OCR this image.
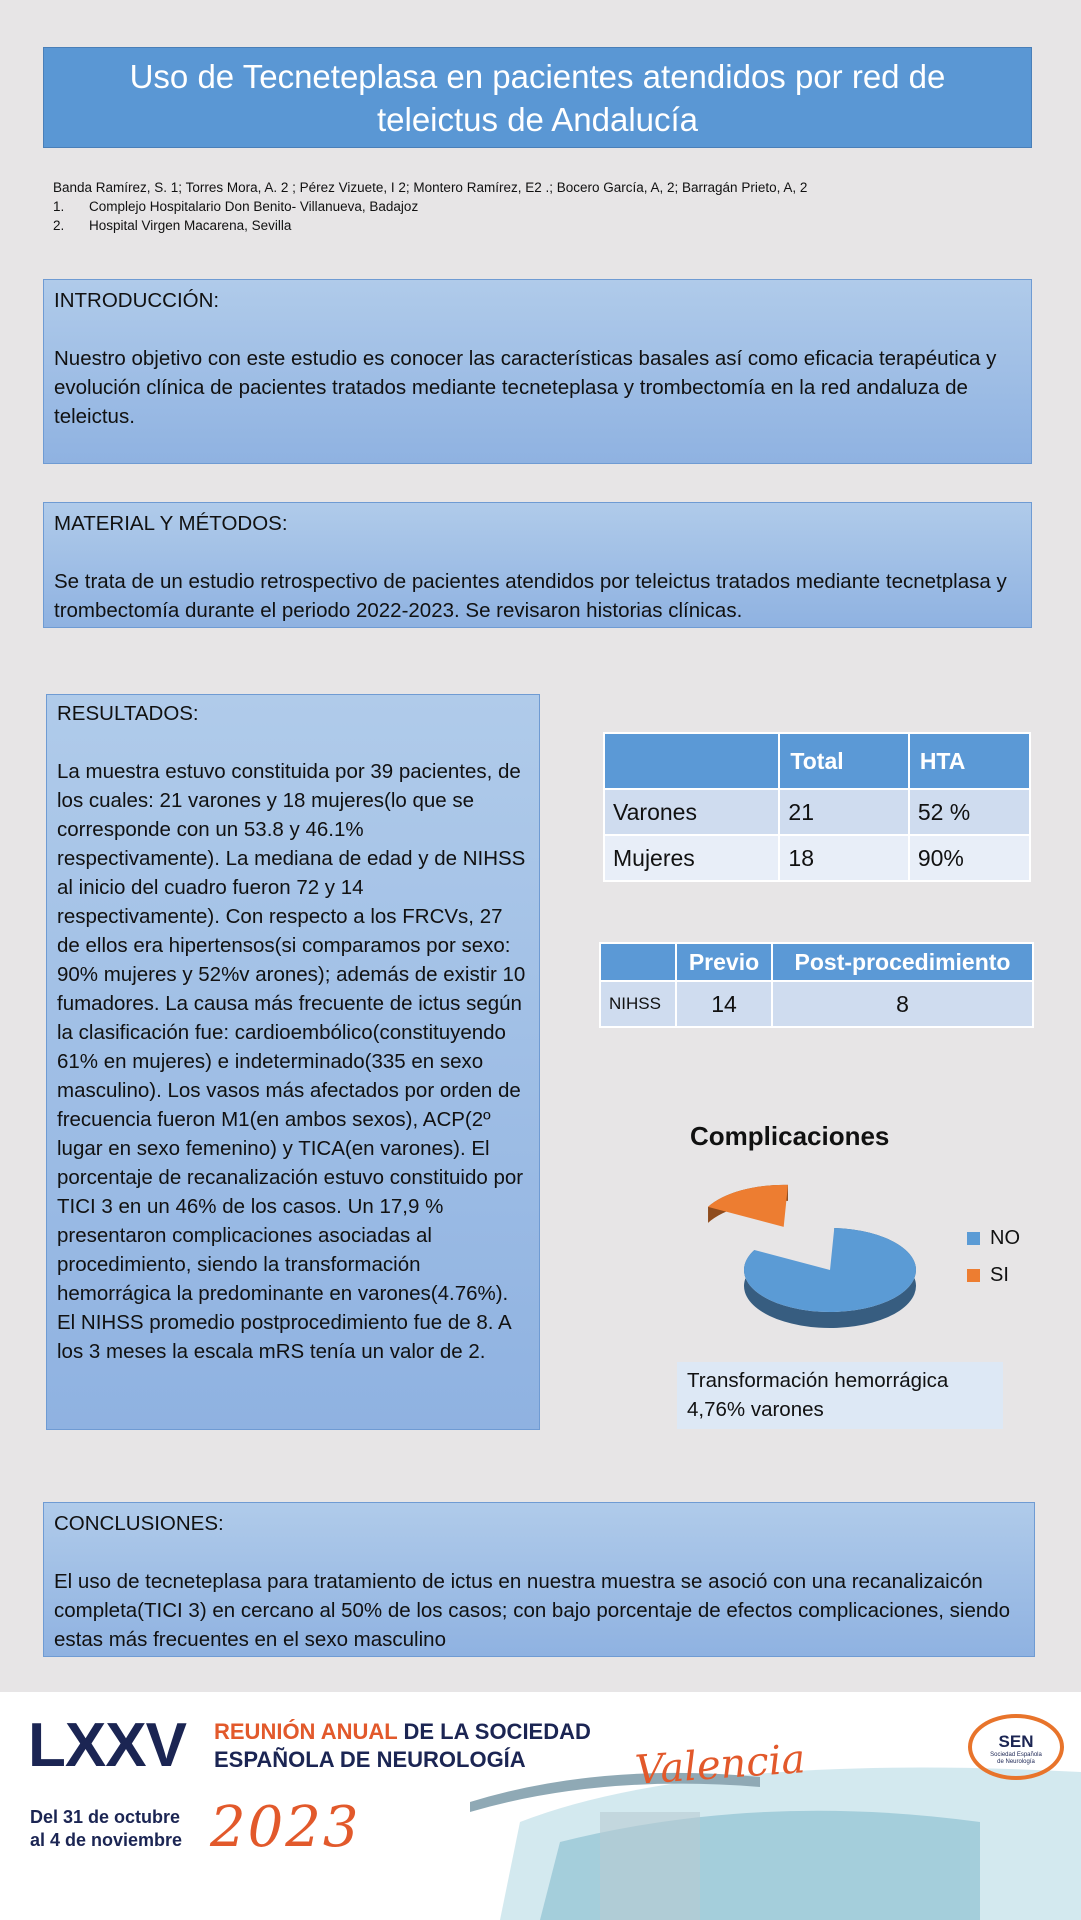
Uso de Tecneteplasa en pacientes atendidos por red de teleictus de Andalucía
Banda Ramírez, S. 1; Torres Mora, A. 2 ; Pérez Vizuete, I 2; Montero Ramírez, E2 .; Bocero García, A, 2; Barragán Prieto, A, 2
1.	Complejo Hospitalario Don Benito- Villanueva, Badajoz
2.	Hospital Virgen Macarena, Sevilla
INTRODUCCIÓN:
Nuestro objetivo con este estudio es conocer las características basales así como eficacia terapéutica y evolución clínica de pacientes tratados mediante tecneteplasa y trombectomía en la red andaluza de teleictus.
MATERIAL Y MÉTODOS:
Se trata de un estudio retrospectivo de pacientes atendidos por teleictus tratados mediante tecnetplasa y trombectomía durante el periodo 2022-2023. Se revisaron historias clínicas.
RESULTADOS:
La muestra estuvo constituida por 39 pacientes, de los cuales: 21 varones y 18 mujeres(lo que se corresponde con un 53.8 y 46.1% respectivamente). La mediana de edad y de NIHSS al inicio del cuadro fueron 72 y 14 respectivamente). Con respecto a los FRCVs, 27 de ellos era hipertensos(si comparamos por sexo: 90% mujeres y 52%v arones); además de existir 10 fumadores. La causa más frecuente de ictus según la clasificación fue: cardioembólico(constituyendo 61% en mujeres) e indeterminado(335 en sexo masculino). Los vasos más afectados por orden de frecuencia fueron M1(en ambos sexos), ACP(2º lugar en sexo femenino) y TICA(en varones). El porcentaje de recanalización estuvo constituido por TICI 3 en un 46% de los casos. Un 17,9 % presentaron complicaciones asociadas al procedimiento, siendo la transformación hemorrágica la predominante en varones(4.76%). El NIHSS promedio postprocedimiento fue de 8. A los 3 meses la escala mRS tenía un valor de 2.
	Total	HTA
Varones	21	52 %
Mujeres	18	90%
	Previo	Post-procedimiento
NIHSS	14	8
Complicaciones
NO
SI
Transformación hemorrágica
4,76% varones
CONCLUSIONES:
El uso de tecneteplasa para tratamiento de ictus en nuestra muestra se asoció con una recanalizaicón completa(TICI 3) en cercano al 50% de los casos; con bajo porcentaje de efectos complicaciones, siendo estas más frecuentes en el sexo masculino
LXXV REUNIÓN ANUAL DE LA SOCIEDAD
ESPAÑOLA DE NEUROLOGÍA
Del 31 de octubre
al 4 de noviembre 2023
Valencia	SEN
Sociedad Española
de Neurología
